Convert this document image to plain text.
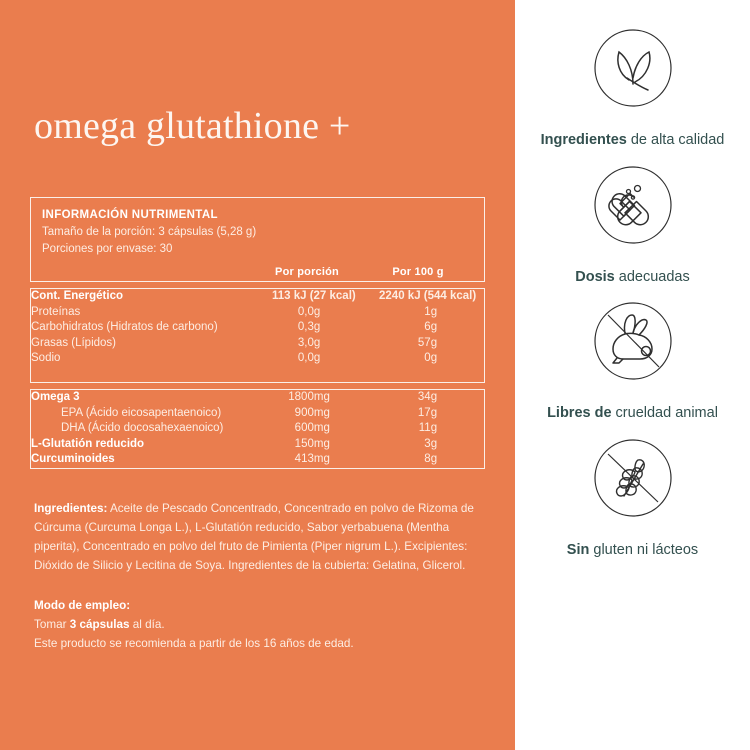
omega glutathione +
INFORMACIÓN NUTRIMENTAL
Tamaño de la porción: 3 cápsulas (5,28 g)
Porciones por envase: 30
Por porción	Por 100 g
Cont. Energético	113 kJ (27 kcal)		2240 kJ (544 kcal)	
Proteínas	0,0	g	1	g
Carbohidratos (Hidratos de carbono)	0,3	g	6	g
Grasas (Lípidos)	3,0	g	57	g
Sodio	0,0	g	0	g

Omega 3	1800	mg	34	g
EPA (Ácido eicosapentaenoico)	900	mg	17	g
DHA (Ácido docosahexaenoico)	600	mg	11	g
L-Glutatión reducido	150	mg	3	g
Curcuminoides	413	mg	8	g
Ingredientes: Aceite de Pescado Concentrado, Concentrado en polvo de Rizoma de Cúrcuma (Curcuma Longa L.), L-Glutatión reducido, Sabor yerbabuena (Mentha piperita), Concentrado en polvo del fruto de Pimienta (Piper nigrum L.). Excipientes: Dióxido de Silicio y Lecitina de Soya. Ingredientes de la cubierta: Gelatina, Glicerol.
Modo de empleo:
Tomar 3 cápsulas al día.
Este producto se recomienda a partir de los 16 años de edad.
Ingredientes de alta calidad
Dosis adecuadas
Libres de crueldad animal
Sin gluten ni lácteos
